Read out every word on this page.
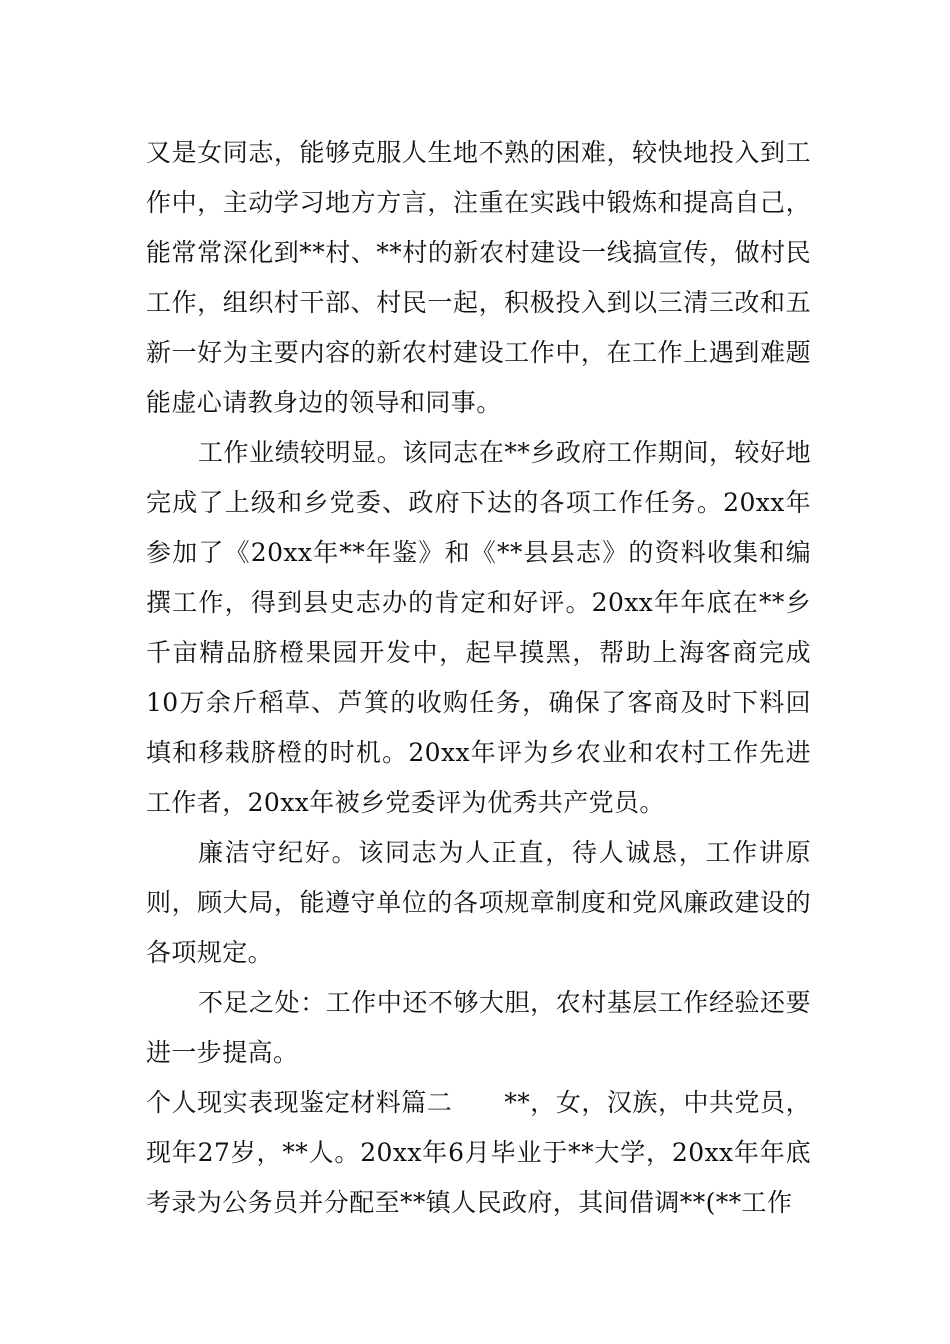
又是女同志，能够克服人生地不熟的困难，较快地投入到工作中，主动学习地方方言，注重在实践中锻炼和提高自己，能常常深化到**村、**村的新农村建设一线搞宣传，做村民工作，组织村干部、村民一起，积极投入到以三清三改和五新一好为主要内容的新农村建设工作中，在工作上遇到难题能虚心请教身边的领导和同事。

工作业绩较明显。该同志在**乡政府工作期间，较好地完成了上级和乡党委、政府下达的各项工作任务。20xx年参加了《20xx年**年鉴》和《**县县志》的资料收集和编撰工作，得到县史志办的肯定和好评。20xx年年底在**乡千亩精品脐橙果园开发中，起早摸黑，帮助上海客商完成10万余斤稻草、芦箕的收购任务，确保了客商及时下料回填和移栽脐橙的时机。20xx年评为乡农业和农村工作先进工作者，20xx年被乡党委评为优秀共产党员。

廉洁守纪好。该同志为人正直，待人诚恳，工作讲原则，顾大局，能遵守单位的各项规章制度和党风廉政建设的各项规定。

不足之处：工作中还不够大胆，农村基层工作经验还要进一步提高。

个人现实表现鉴定材料篇二 **，女，汉族，中共党员，现年27岁，**人。20xx年6月毕业于**大学，20xx年年底考录为公务员并分配至**镇人民政府，其间借调**(**工作
